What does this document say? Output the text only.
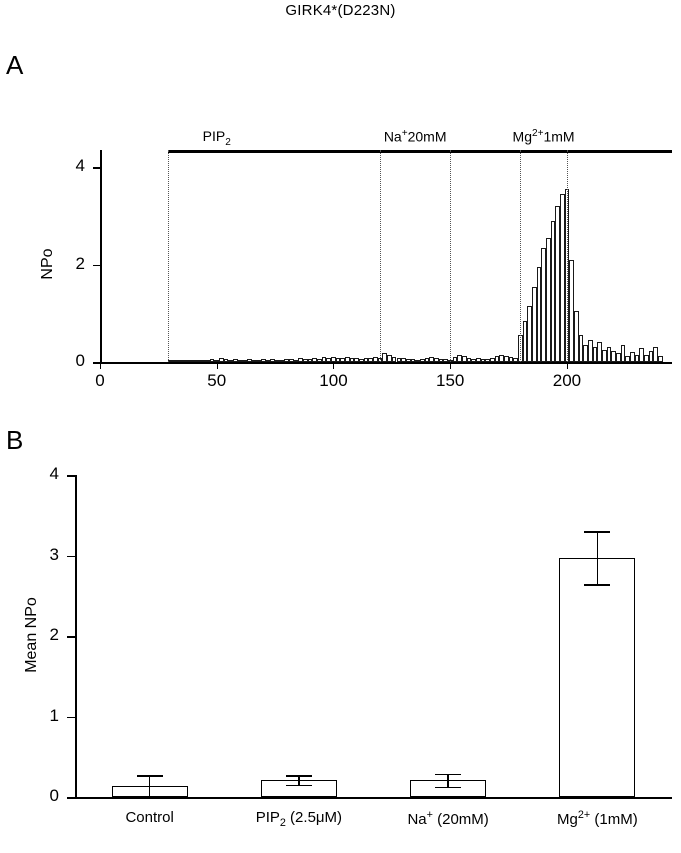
GIRK4*(D223N)
A
B
$PIP_2$	Na+20mM	$Mg^{2+}1mM$
0	50	100	150	200
0
2
4
NPo
0
1
2
3
4
Mean NPo
Control	$PIP_2$ (2.5μM)	Na+ (20mM)	$Mg^{2+}$ (1mM)
